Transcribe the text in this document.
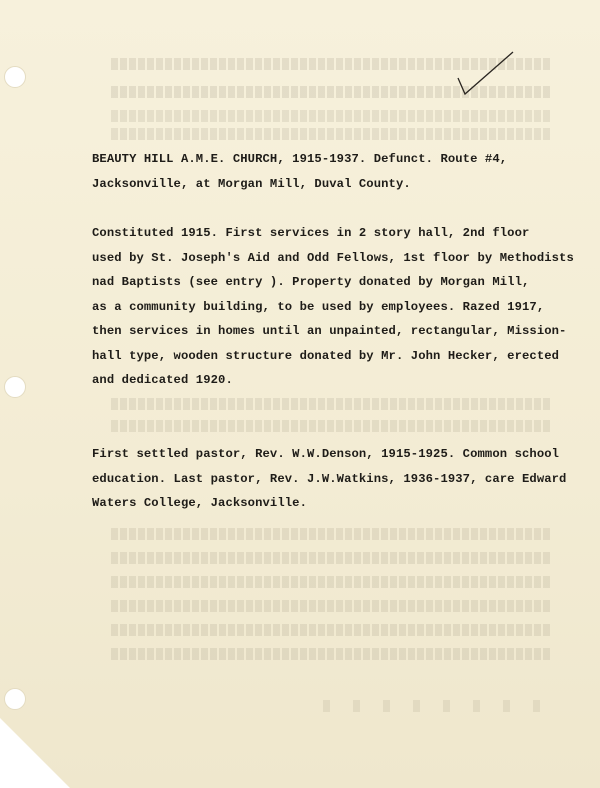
BEAUTY HILL A.M.E. CHURCH, 1915-1937. Defunct. Route #4,

Jacksonville, at Morgan Mill, Duval County.

Constituted 1915. First services in 2 story hall, 2nd floor

used by St. Joseph's Aid and Odd Fellows, 1st floor by Methodists

nad Baptists (see entry ). Property donated by Morgan Mill,

as a community building, to be used by employees. Razed 1917,

then services in homes until an unpainted, rectangular, Mission-

hall type, wooden structure donated by Mr. John Hecker, erected

and dedicated 1920.

First settled pastor, Rev. W.W.Denson, 1915-1925. Common school

education. Last pastor, Rev. J.W.Watkins, 1936-1937, care Edward

Waters College, Jacksonville.
